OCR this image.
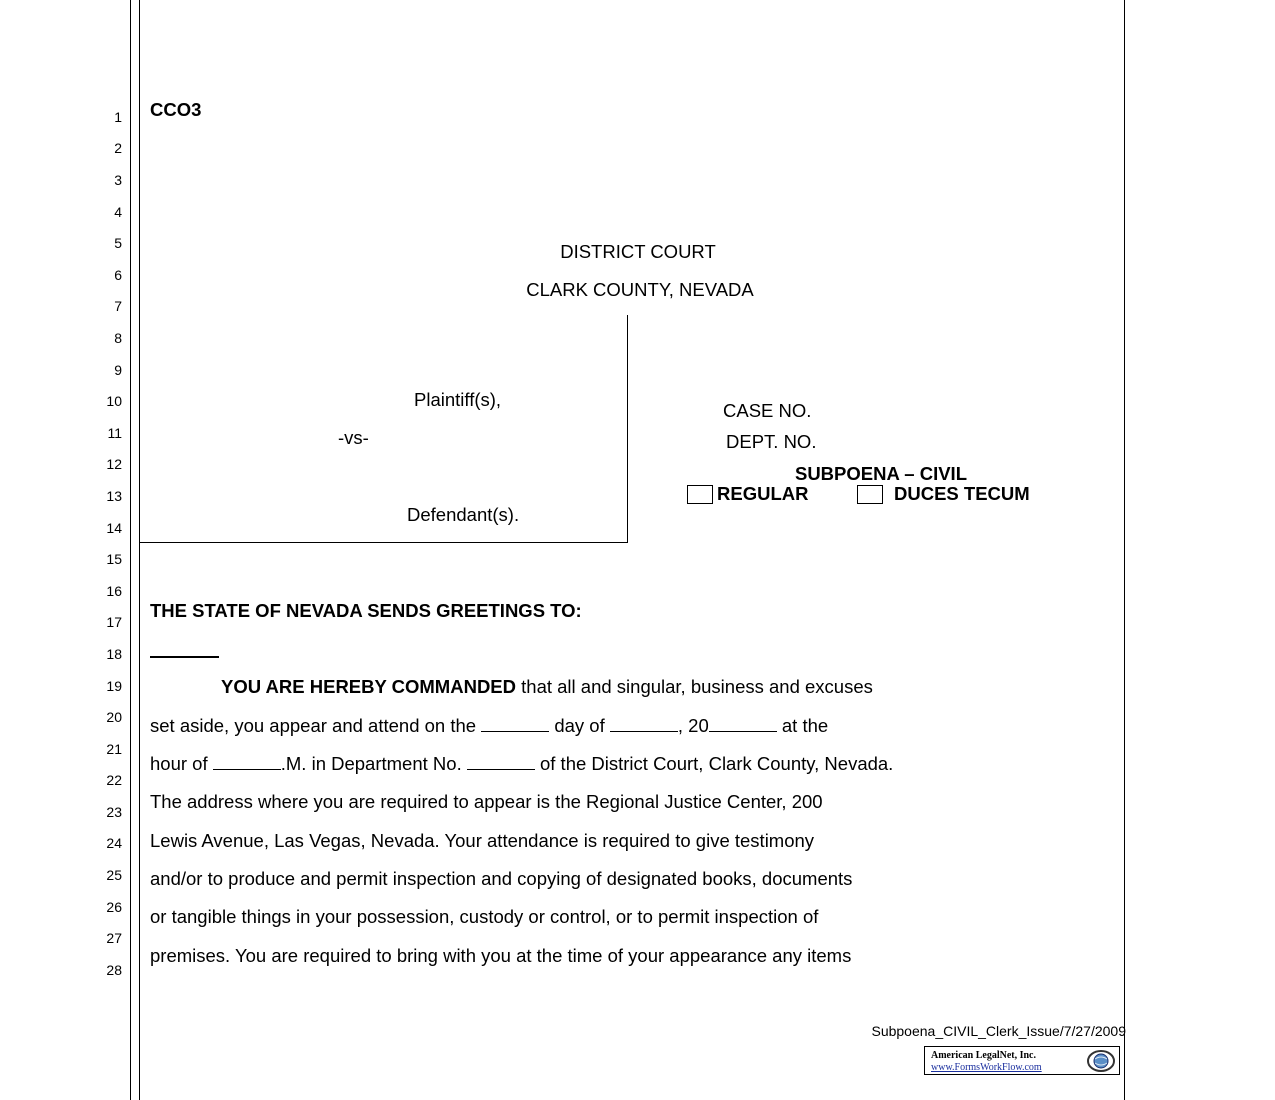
1
2
3
4
5
6
7
8
9
10
11
12
13
14
15
16
17
18
19
20
21
22
23
24
25
26
27
28
CCO3
DISTRICT COURT
CLARK COUNTY, NEVADA
Plaintiff(s),
-vs-
Defendant(s).
CASE NO.
DEPT. NO.
SUBPOENA – CIVIL
REGULAR	DUCES TECUM
THE STATE OF NEVADA SENDS GREETINGS TO:
YOU ARE HEREBY COMMANDED that all and singular, business and excuses
set aside, you appear and attend on the	day of	, 20	at the
hour of	.M. in Department No.	of the District Court, Clark County, Nevada.
The address where you are required to appear is the Regional Justice Center, 200
Lewis Avenue, Las Vegas, Nevada. Your attendance is required to give testimony
and/or to produce and permit inspection and copying of designated books, documents
or tangible things in your possession, custody or control, or to permit inspection of
premises. You are required to bring with you at the time of your appearance any items
Subpoena_CIVIL_Clerk_Issue/7/27/2009
American LegalNet, Inc.
www.FormsWorkFlow.com
